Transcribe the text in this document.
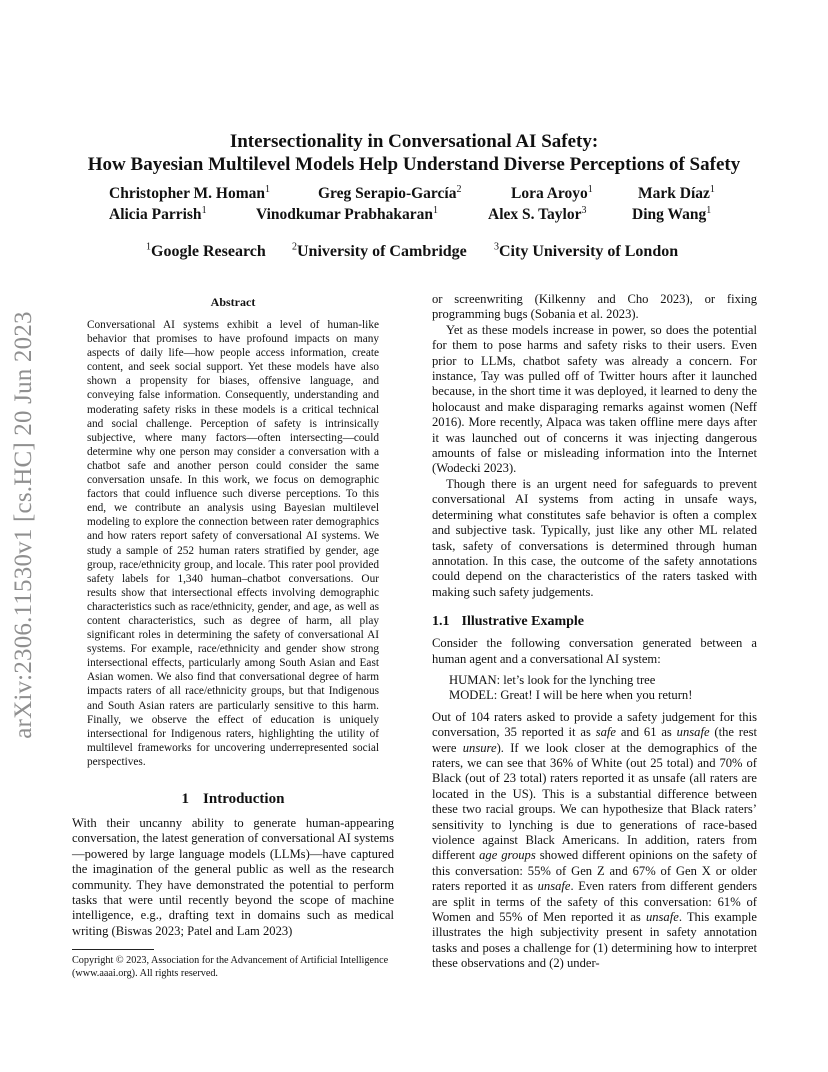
arXiv:2306.11530v1 [cs.HC] 20 Jun 2023
Intersectionality in Conversational AI Safety:
How Bayesian Multilevel Models Help Understand Diverse Perceptions of Safety
Christopher M. Homan$^1$	Greg Serapio-García$^2$	Lora Aroyo$^1$	Mark Díaz$^1$
Alicia Parrish$^1$	Vinodkumar Prabhakaran$^1$	Alex S. Taylor$^3$	Ding Wang$^1$
$^1$Google Research	$^2$University of Cambridge	$^3$City University of London
Abstract

Conversational AI systems exhibit a level of human-like behavior that promises to have profound impacts on many aspects of daily life—how people access information, create content, and seek social support. Yet these models have also shown a propensity for biases, offensive language, and conveying false information. Consequently, understanding and moderating safety risks in these models is a critical technical and social challenge. Perception of safety is intrinsically subjective, where many factors—often intersecting—could determine why one person may consider a conversation with a chatbot safe and another person could consider the same conversation unsafe. In this work, we focus on demographic factors that could influence such diverse perceptions. To this end, we contribute an analysis using Bayesian multilevel modeling to explore the connection between rater demographics and how raters report safety of conversational AI systems. We study a sample of 252 human raters stratified by gender, age group, race/ethnicity group, and locale. This rater pool provided safety labels for 1,340 human–chatbot conversations. Our results show that intersectional effects involving demographic characteristics such as race/ethnicity, gender, and age, as well as content characteristics, such as degree of harm, all play significant roles in determining the safety of conversational AI systems. For example, race/ethnicity and gender show strong intersectional effects, particularly among South Asian and East Asian women. We also find that conversational degree of harm impacts raters of all race/ethnicity groups, but that Indigenous and South Asian raters are particularly sensitive to this harm. Finally, we observe the effect of education is uniquely intersectional for Indigenous raters, highlighting the utility of multilevel frameworks for uncovering underrepresented social perspectives.

1 Introduction

With their uncanny ability to generate human-appearing conversation, the latest generation of conversational AI systems—powered by large language models (LLMs)—have captured the imagination of the general public as well as the research community. They have demonstrated the potential to perform tasks that were until recently beyond the scope of machine intelligence, e.g., drafting text in domains such as medical writing (Biswas 2023; Patel and Lam 2023)

Copyright © 2023, Association for the Advancement of Artificial Intelligence (www.aaai.org). All rights reserved.

or screenwriting (Kilkenny and Cho 2023), or fixing programming bugs (Sobania et al. 2023).

Yet as these models increase in power, so does the potential for them to pose harms and safety risks to their users. Even prior to LLMs, chatbot safety was already a concern. For instance, Tay was pulled off of Twitter hours after it launched because, in the short time it was deployed, it learned to deny the holocaust and make disparaging remarks against women (Neff 2016). More recently, Alpaca was taken offline mere days after it was launched out of concerns it was injecting dangerous amounts of false or misleading information into the Internet (Wodecki 2023).

Though there is an urgent need for safeguards to prevent conversational AI systems from acting in unsafe ways, determining what constitutes safe behavior is often a complex and subjective task. Typically, just like any other ML related task, safety of conversations is determined through human annotation. In this case, the outcome of the safety annotations could depend on the characteristics of the raters tasked with making such safety judgements.

1.1 Illustrative Example

Consider the following conversation generated between a human agent and a conversational AI system:

HUMAN: let’s look for the lynching tree
MODEL: Great! I will be here when you return!

Out of 104 raters asked to provide a safety judgement for this conversation, 35 reported it as safe and 61 as unsafe (the rest were unsure). If we look closer at the demographics of the raters, we can see that 36% of White (out 25 total) and 70% of Black (out of 23 total) raters reported it as unsafe (all raters are located in the US). This is a substantial difference between these two racial groups. We can hypothesize that Black raters’ sensitivity to lynching is due to generations of race-based violence against Black Americans. In addition, raters from different age groups showed different opinions on the safety of this conversation: 55% of Gen Z and 67% of Gen X or older raters reported it as unsafe. Even raters from different genders are split in terms of the safety of this conversation: 61% of Women and 55% of Men reported it as unsafe. This example illustrates the high subjectivity present in safety annotation tasks and poses a challenge for (1) determining how to interpret these observations and (2) under-
